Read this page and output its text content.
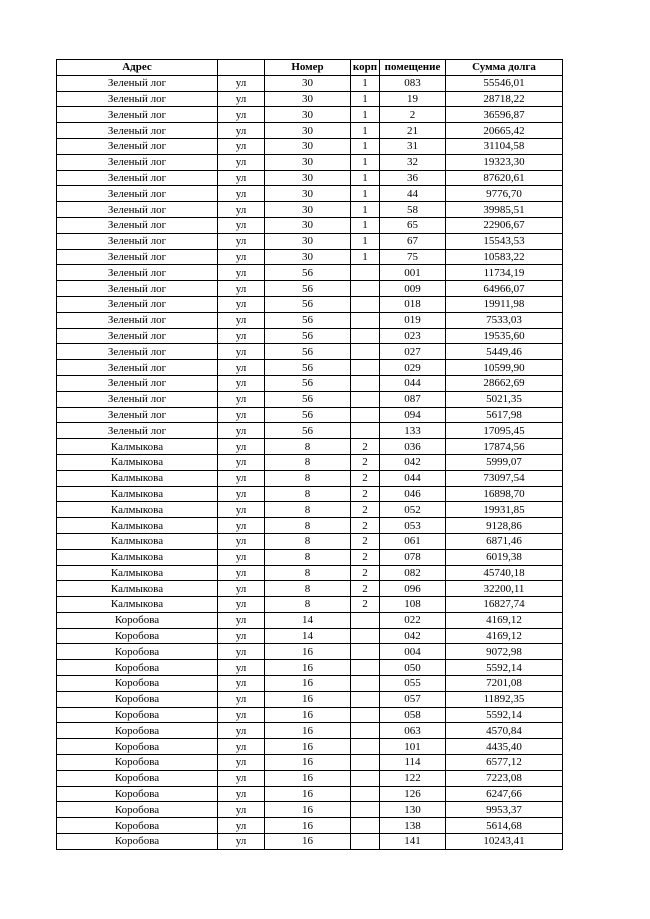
Адрес		Номер	корп	помещение	Сумма долга
Зеленый лог	ул	30	1	083	55546,01
Зеленый лог	ул	30	1	19	28718,22
Зеленый лог	ул	30	1	2	36596,87
Зеленый лог	ул	30	1	21	20665,42
Зеленый лог	ул	30	1	31	31104,58
Зеленый лог	ул	30	1	32	19323,30
Зеленый лог	ул	30	1	36	87620,61
Зеленый лог	ул	30	1	44	9776,70
Зеленый лог	ул	30	1	58	39985,51
Зеленый лог	ул	30	1	65	22906,67
Зеленый лог	ул	30	1	67	15543,53
Зеленый лог	ул	30	1	75	10583,22
Зеленый лог	ул	56		001	11734,19
Зеленый лог	ул	56		009	64966,07
Зеленый лог	ул	56		018	19911,98
Зеленый лог	ул	56		019	7533,03
Зеленый лог	ул	56		023	19535,60
Зеленый лог	ул	56		027	5449,46
Зеленый лог	ул	56		029	10599,90
Зеленый лог	ул	56		044	28662,69
Зеленый лог	ул	56		087	5021,35
Зеленый лог	ул	56		094	5617,98
Зеленый лог	ул	56		133	17095,45
Калмыкова	ул	8	2	036	17874,56
Калмыкова	ул	8	2	042	5999,07
Калмыкова	ул	8	2	044	73097,54
Калмыкова	ул	8	2	046	16898,70
Калмыкова	ул	8	2	052	19931,85
Калмыкова	ул	8	2	053	9128,86
Калмыкова	ул	8	2	061	6871,46
Калмыкова	ул	8	2	078	6019,38
Калмыкова	ул	8	2	082	45740,18
Калмыкова	ул	8	2	096	32200,11
Калмыкова	ул	8	2	108	16827,74
Коробова	ул	14		022	4169,12
Коробова	ул	14		042	4169,12
Коробова	ул	16		004	9072,98
Коробова	ул	16		050	5592,14
Коробова	ул	16		055	7201,08
Коробова	ул	16		057	11892,35
Коробова	ул	16		058	5592,14
Коробова	ул	16		063	4570,84
Коробова	ул	16		101	4435,40
Коробова	ул	16		114	6577,12
Коробова	ул	16		122	7223,08
Коробова	ул	16		126	6247,66
Коробова	ул	16		130	9953,37
Коробова	ул	16		138	5614,68
Коробова	ул	16		141	10243,41
